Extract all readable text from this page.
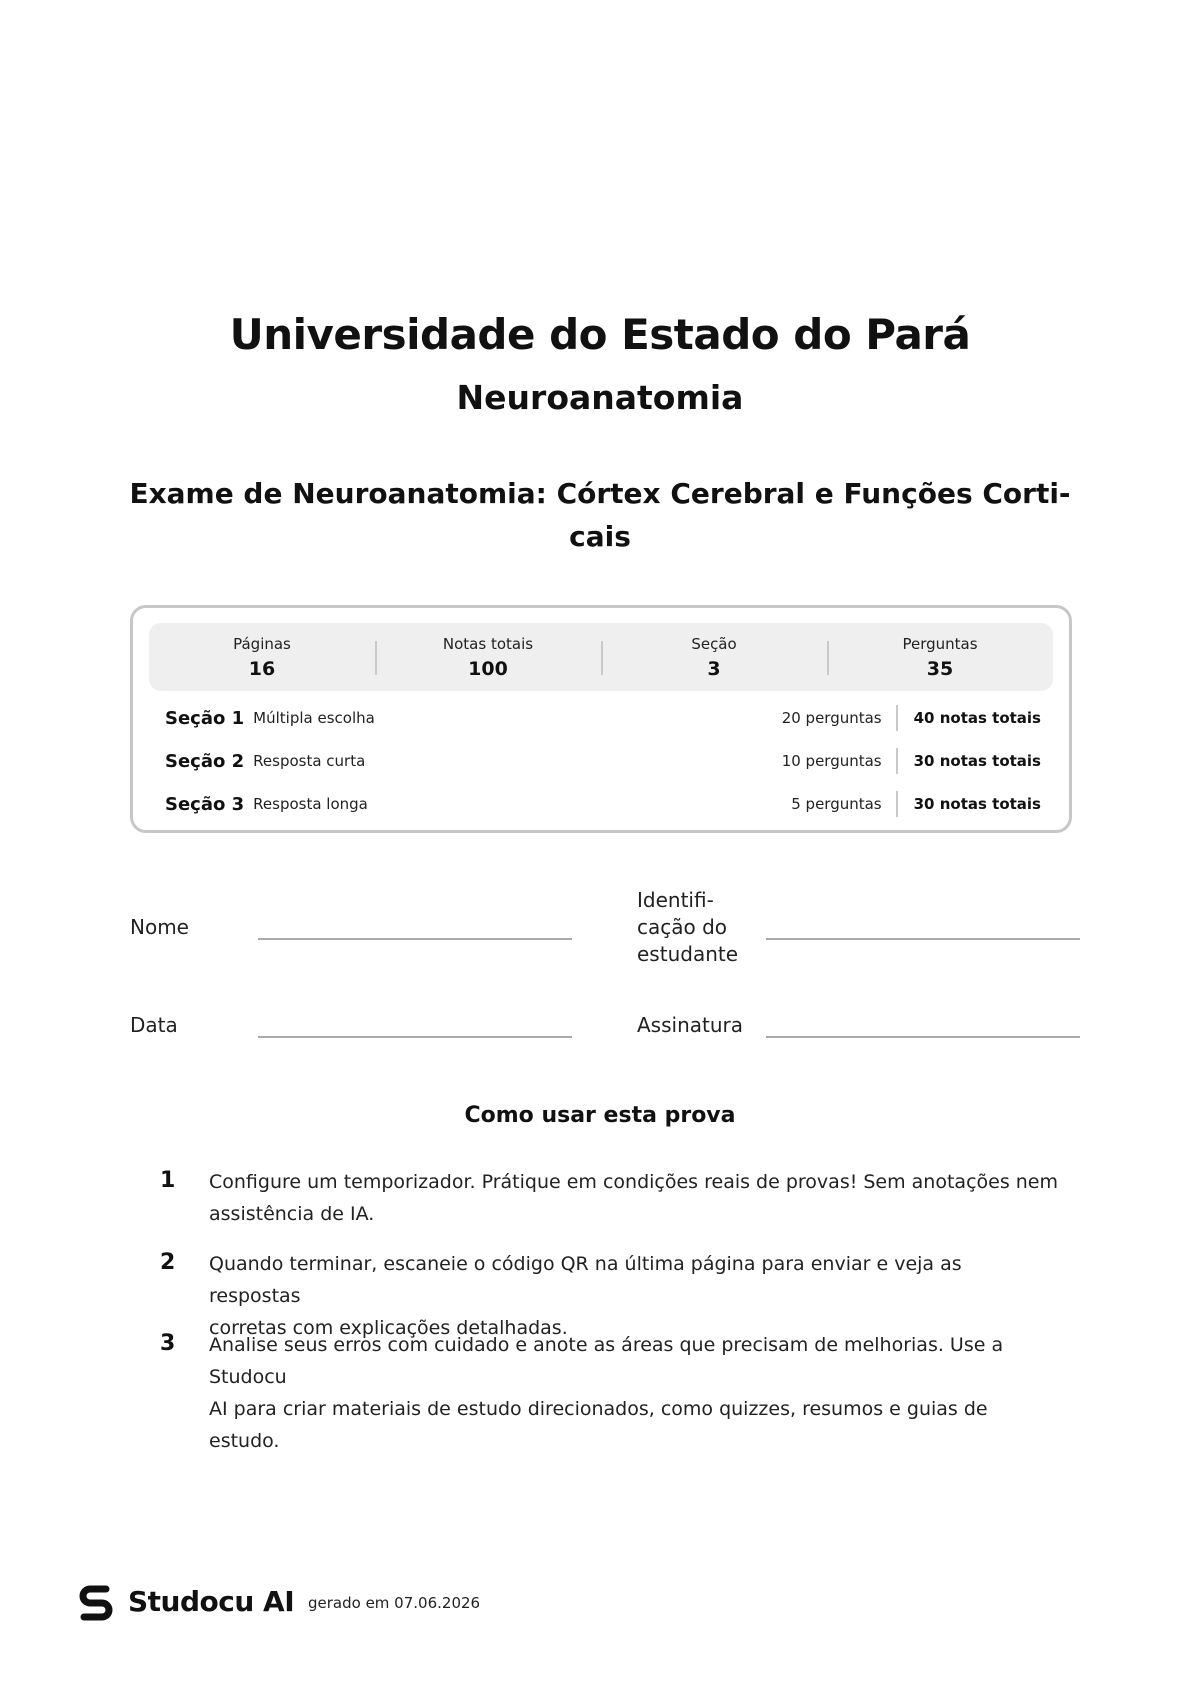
Universidade do Estado do Pará
Neuroanatomia
Exame de Neuroanatomia: Córtex Cerebral e Funções Corti-
cais
Páginas
16
Notas totais
100
Seção
3
Perguntas
35
Seção 1 Múltipla escolha	20 perguntas 40 notas totais
Seção 2 Resposta curta	10 perguntas 30 notas totais
Seção 3 Resposta longa	5 perguntas 30 notas totais
Nome
Identifi-
cação do
estudante
Data	Assinatura
Como usar esta prova
1 Configure um temporizador. Prátique em condições reais de provas! Sem anotações nem
assistência de IA.
2 Quando terminar, escaneie o código QR na última página para enviar e veja as respostas
corretas com explicações detalhadas.
3 Analise seus erros com cuidado e anote as áreas que precisam de melhorias. Use a Studocu
AI para criar materiais de estudo direcionados, como quizzes, resumos e guias de estudo.
Studocu AI gerado em 07.06.2026
